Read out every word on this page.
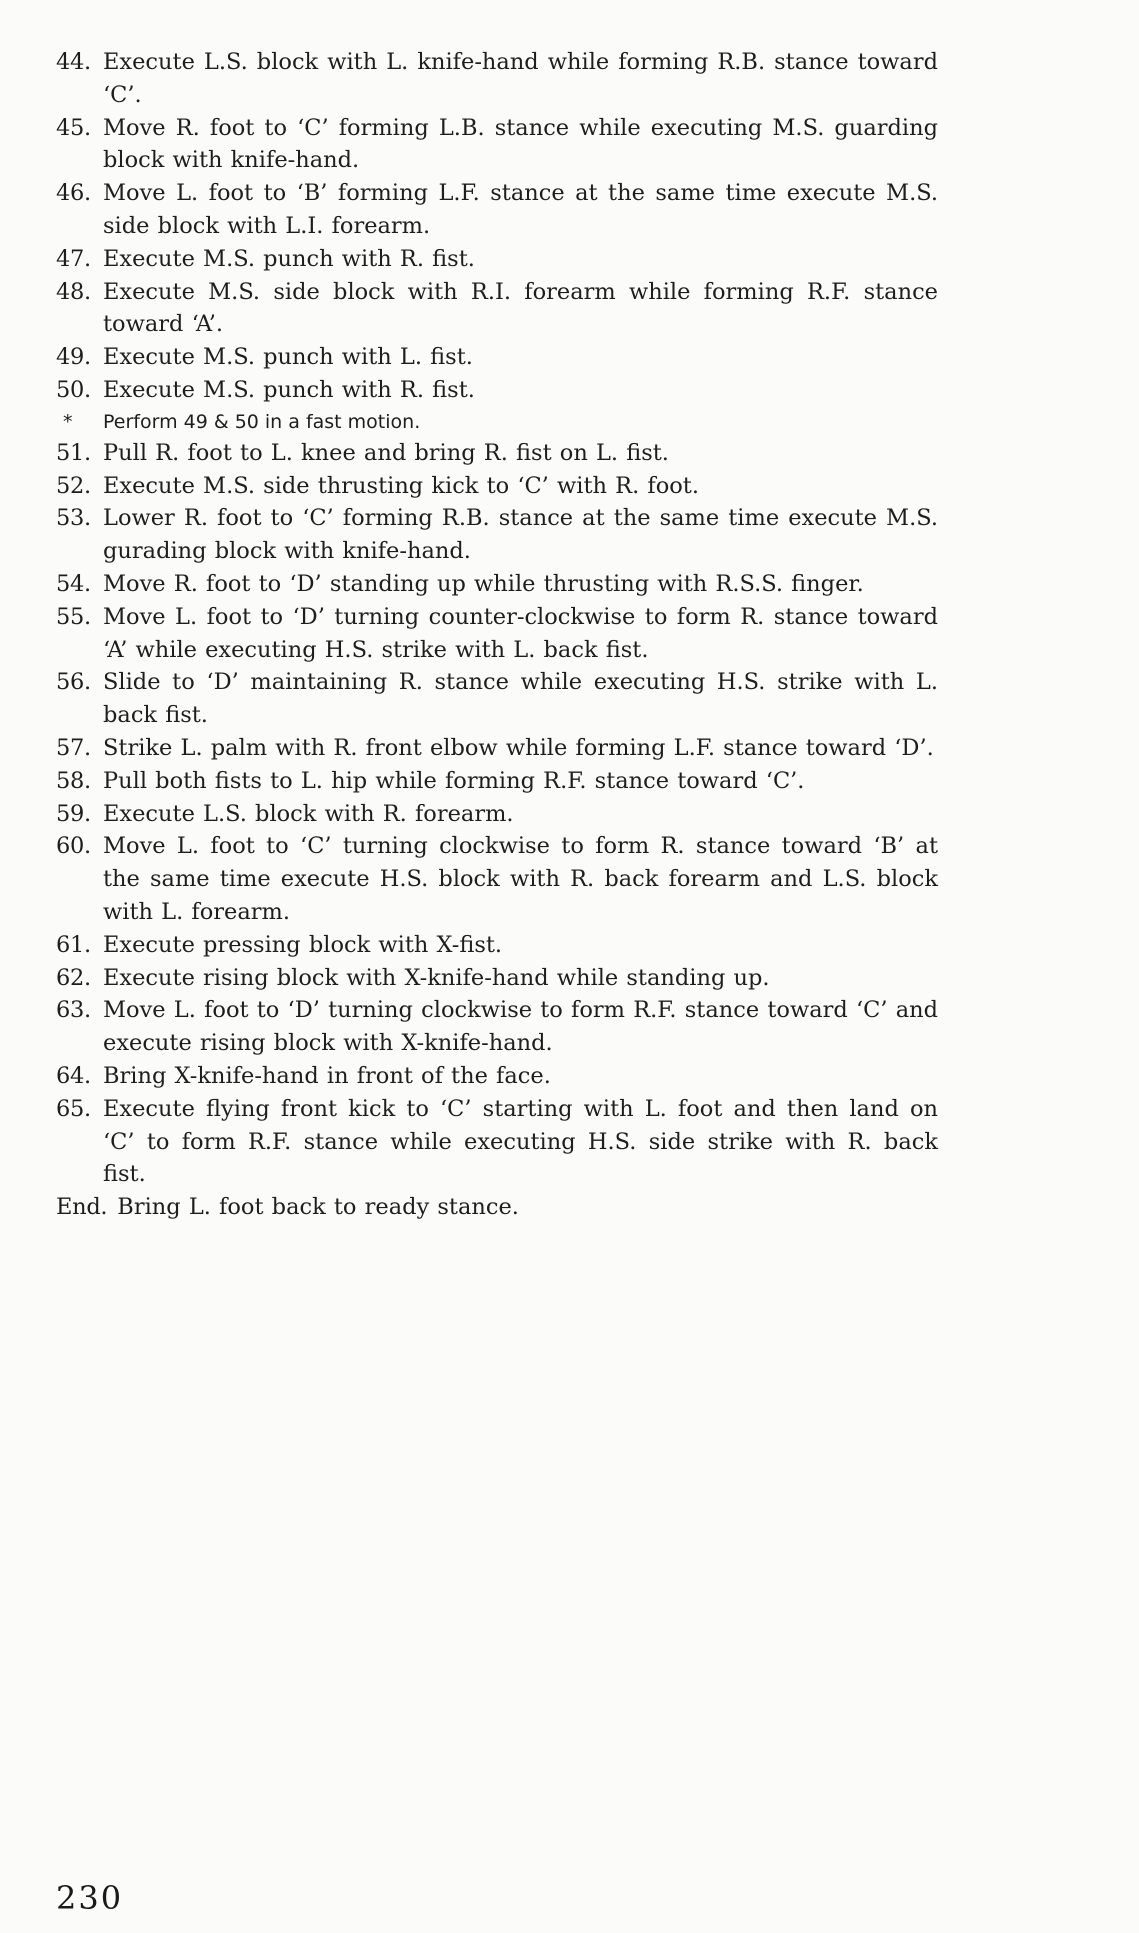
44. Execute L.S. block with L. knife-hand while forming R.B. stance toward ‘C’.
45. Move R. foot to ‘C’ forming L.B. stance while executing M.S. guarding block with knife-hand.
46. Move L. foot to ‘B’ forming L.F. stance at the same time execute M.S. side block with L.I. forearm.
47. Execute M.S. punch with R. fist.
48. Execute M.S. side block with R.I. forearm while forming R.F. stance toward ‘A’.
49. Execute M.S. punch with L. fist.
50. Execute M.S. punch with R. fist.
*	Perform 49 & 50 in a fast motion.
51. Pull R. foot to L. knee and bring R. fist on L. fist.
52. Execute M.S. side thrusting kick to ‘C’ with R. foot.
53. Lower R. foot to ‘C’ forming R.B. stance at the same time execute M.S. gurading block with knife-hand.
54. Move R. foot to ‘D’ standing up while thrusting with R.S.S. finger.
55. Move L. foot to ‘D’ turning counter-clockwise to form R. stance toward ‘A’ while executing H.S. strike with L. back fist.
56. Slide to ‘D’ maintaining R. stance while executing H.S. strike with L. back fist.
57. Strike L. palm with R. front elbow while forming L.F. stance toward ‘D’.
58. Pull both fists to L. hip while forming R.F. stance toward ‘C’.
59. Execute L.S. block with R. forearm.
60. Move L. foot to ‘C’ turning clockwise to form R. stance toward ‘B’ at the same time execute H.S. block with R. back forearm and L.S. block with L. forearm.
61. Execute pressing block with X-fist.
62. Execute rising block with X-knife-hand while standing up.
63. Move L. foot to ‘D’ turning clockwise to form R.F. stance toward ‘C’ and execute rising block with X-knife-hand.
64. Bring X-knife-hand in front of the face.
65. Execute flying front kick to ‘C’ starting with L. foot and then land on ‘C’ to form R.F. stance while executing H.S. side strike with R. back fist.
End. Bring L. foot back to ready stance.
230
